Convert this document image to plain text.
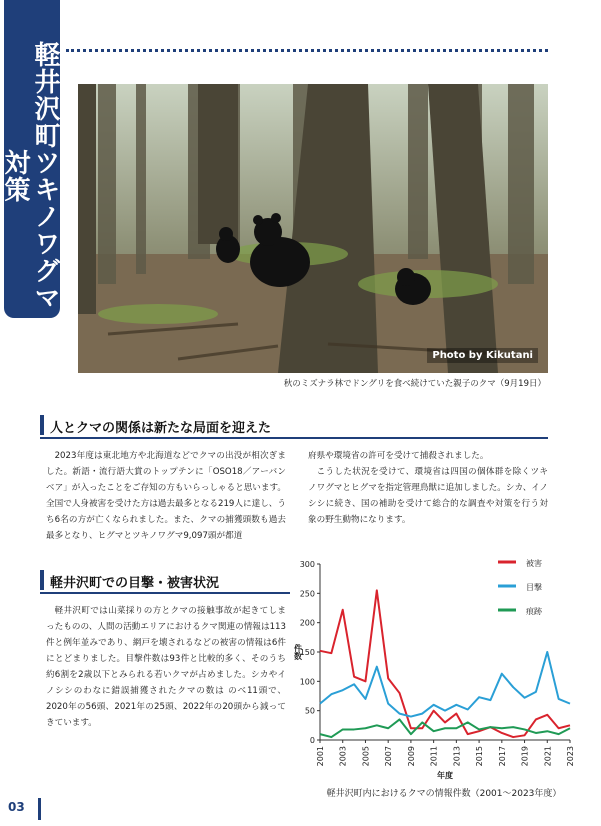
軽井沢町ツキノワグマ対策
Photo by Kikutani
秋のミズナラ林でドングリを食べ続けていた親子のクマ（9月19日）
人とクマの関係は新たな局面を迎えた

2023年度は東北地方や北海道などでクマの出没が相次ぎました。新語・流行語大賞のトップテンに「OSO18／アーバンベア」が入ったことをご存知の方もいらっしゃると思います。全国で人身被害を受けた方は過去最多となる219人に達し、うち6名の方が亡くなられました。また、クマの捕獲頭数も過去最多となり、ヒグマとツキノワグマ9,097頭が都道

府県や環境省の許可を受けて捕殺されました。

こうした状況を受けて、環境省は四国の個体群を除くツキノワグマとヒグマを指定管理鳥獣に追加しました。シカ、イノシシに続き、国の補助を受けて総合的な調査や対策を行う対象の野生動物になります。

軽井沢町での目撃・被害状況

軽井沢町では山菜採りの方とクマの接触事故が起きてしまったものの、人間の活動エリアにおけるクマ関連の情報は113件と例年並みであり、網戸を壊されるなどの被害の情報は6件にとどまりました。目撃件数は93件と比較的多く、そのうち約6割を2歳以下とみられる若いクマが占めました。シカやイノシシのわなに錯誤捕獲されたクマの数は のべ11頭で、2020年の56頭、2021年の25頭、2022年の20頭から減ってきています。

0
50
100
150
200
250
300
2001 2003 2005 2007 2009 2011 2013 2015 2017 2019 2021 2023
件数
年度
被害
目撃
痕跡
軽井沢町内におけるクマの情報件数（2001〜2023年度）
03
